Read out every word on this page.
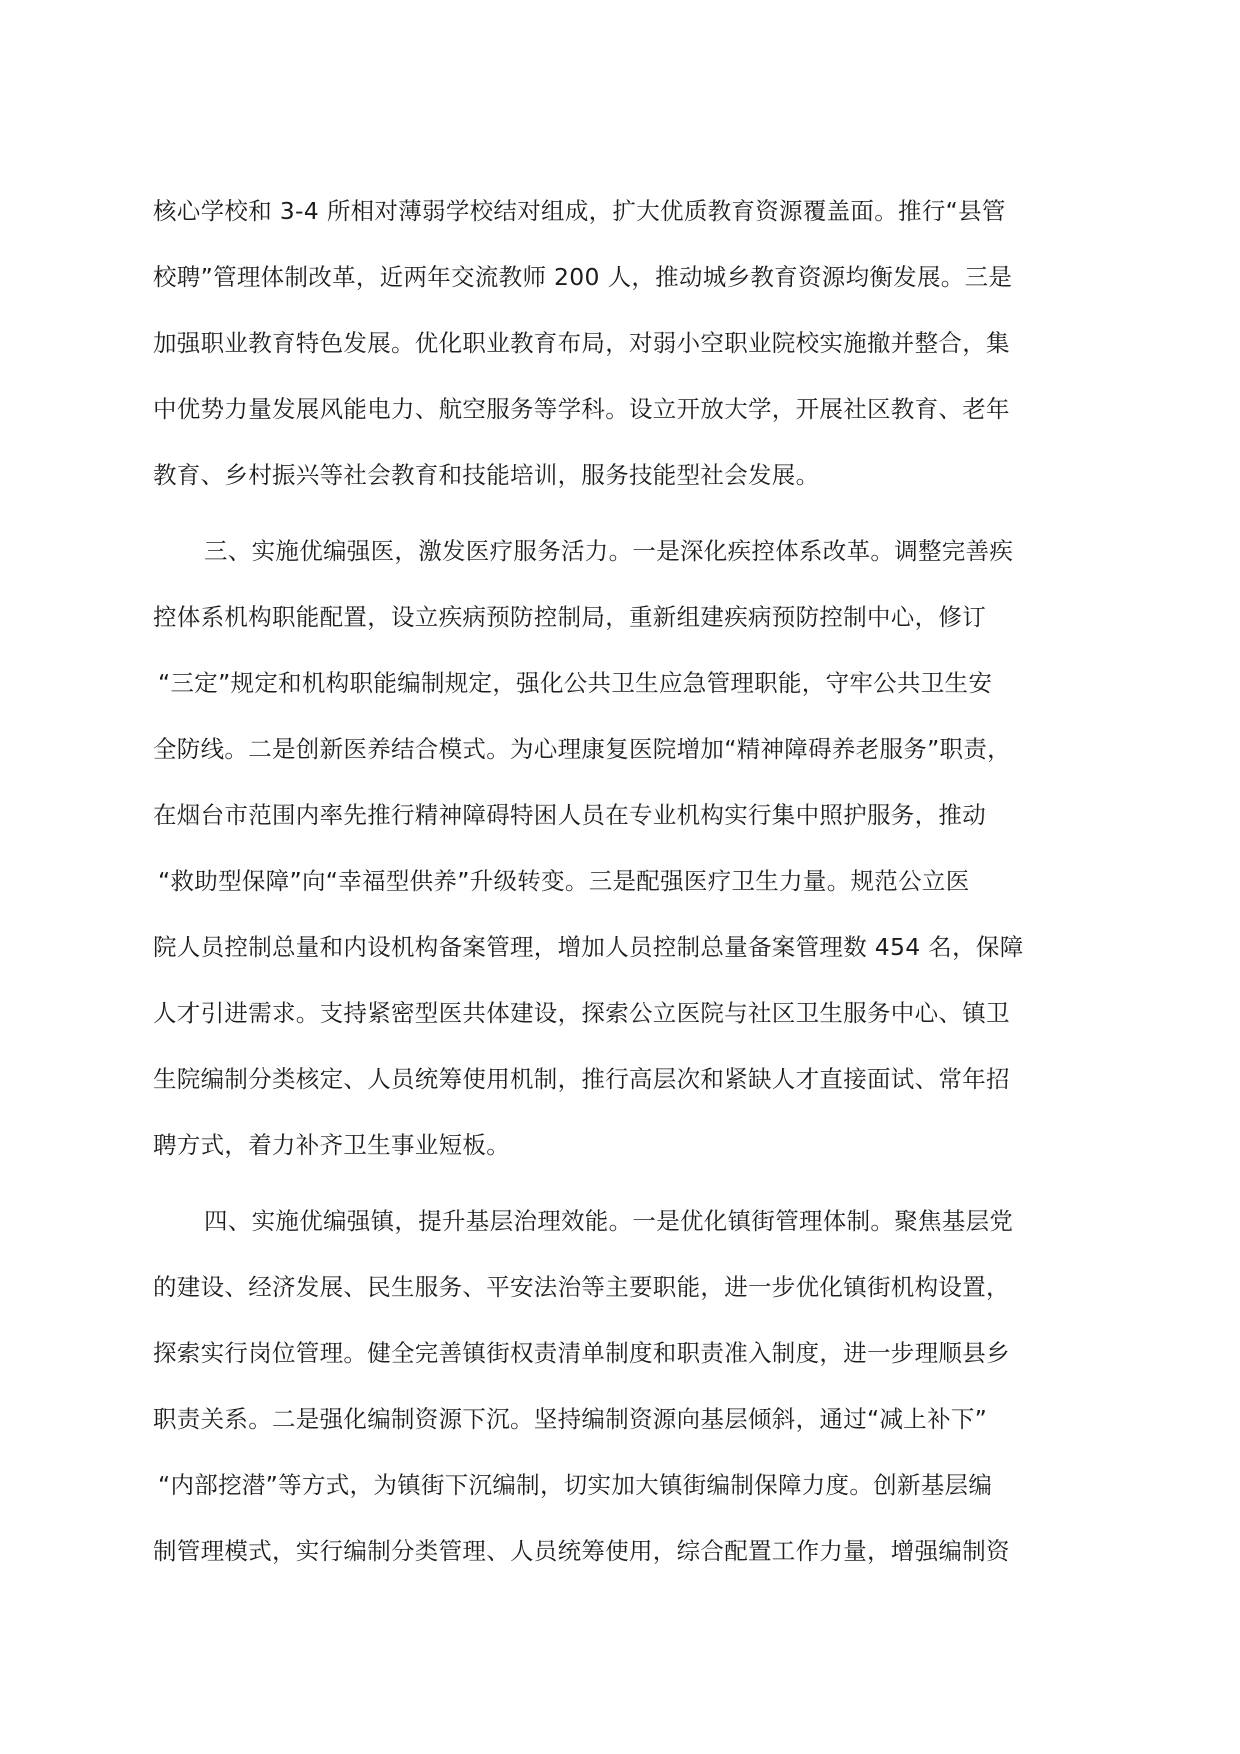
核心学校和 3-4 所相对薄弱学校结对组成，扩大优质教育资源覆盖面。推行“县管
校聘”管理体制改革，近两年交流教师 200 人，推动城乡教育资源均衡发展。三是
加强职业教育特色发展。优化职业教育布局，对弱小空职业院校实施撤并整合，集
中优势力量发展风能电力、航空服务等学科。设立开放大学，开展社区教育、老年
教育、乡村振兴等社会教育和技能培训，服务技能型社会发展。
三、实施优编强医，激发医疗服务活力。一是深化疾控体系改革。调整完善疾
控体系机构职能配置，设立疾病预防控制局，重新组建疾病预防控制中心，修订
“三定”规定和机构职能编制规定，强化公共卫生应急管理职能，守牢公共卫生安
全防线。二是创新医养结合模式。为心理康复医院增加“精神障碍养老服务”职责，
在烟台市范围内率先推行精神障碍特困人员在专业机构实行集中照护服务，推动
“救助型保障”向“幸福型供养”升级转变。三是配强医疗卫生力量。规范公立医
院人员控制总量和内设机构备案管理，增加人员控制总量备案管理数 454 名，保障
人才引进需求。支持紧密型医共体建设，探索公立医院与社区卫生服务中心、镇卫
生院编制分类核定、人员统筹使用机制，推行高层次和紧缺人才直接面试、常年招
聘方式，着力补齐卫生事业短板。
四、实施优编强镇，提升基层治理效能。一是优化镇街管理体制。聚焦基层党
的建设、经济发展、民生服务、平安法治等主要职能，进一步优化镇街机构设置，
探索实行岗位管理。健全完善镇街权责清单制度和职责准入制度，进一步理顺县乡
职责关系。二是强化编制资源下沉。坚持编制资源向基层倾斜，通过“减上补下”
“内部挖潜”等方式，为镇街下沉编制，切实加大镇街编制保障力度。创新基层编
制管理模式，实行编制分类管理、人员统筹使用，综合配置工作力量，增强编制资
